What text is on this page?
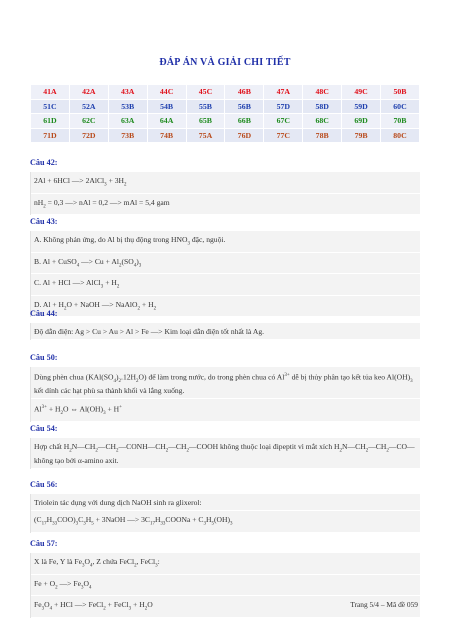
ĐÁP ÁN VÀ GIẢI CHI TIẾT
41A	42A	43A	44C	45C	46B	47A	48C	49C	50B
51C	52A	53B	54B	55B	56B	57D	58D	59D	60C
61D	62C	63A	64A	65B	66B	67C	68C	69D	70B
71D	72D	73B	74B	75A	76D	77C	78B	79B	80C
Câu 42:
2Al + 6HCl —> 2AlCl$_3$ + $3H_2$
$nH_2 = 0,3$ —> nAl = 0,2 —> mAl = 5,4 gam
Câu 43:
A. Không phản ứng, do Al bị thụ động trong $HNO_3$ đặc, nguội.
B. Al + CuSO$_4$ —> $Cu + Al_2(SO_4)_3$
C. Al + HCl —> AlCl$_3$ + $H_2$
D. $Al + H_2O$ + NaOH —> NaAlO$_2$ + $H_2$
Câu 44:
Độ dẫn điện: Ag > Cu > Au > Al > Fe —> Kim loại dẫn điện tốt nhất là Ag.
Câu 50:
Dùng phèn chua $(KAl(SO_4)_2.12H_2O)$ để làm trong nước, do trong phèn chua có $Al^{3+}$ dễ bị thủy phân tạo kết tủa keo $Al(OH)_3$ kết dính các hạt phù sa thành khối và lắng xuống.
$Al^{3+} + H_2O$ ⇔ $Al(OH)_3 + H^+$
Câu 54:
Hợp chất $H_2N—CH_2—CH_2—CONH—CH_2—CH_2—COOH$ không thuộc loại đipeptit vì mắt xích $H_2N—CH_2—CH_2—CO—$ không tạo bởi α-amino axit.
Câu 56:
Triolein tác dụng với dung dịch NaOH sinh ra glixerol:
$(C_{17}H_{33}COO)_3C_3H_5$ + 3NaOH —> $3C_{17}H_{33}COONa + C_3H_5(OH)_3$
Câu 57:
X là Fe, Y là $Fe_3O_4$, Z chứa FeCl$_2$, FeCl$_3$:
$Fe + O_2$ —> $Fe_3O_4$
$Fe_3O_4$ + HCl —> FeCl$_2$ + FeCl$_3$ + $H_2O$	Trang 5/4 – Mã đề 059
